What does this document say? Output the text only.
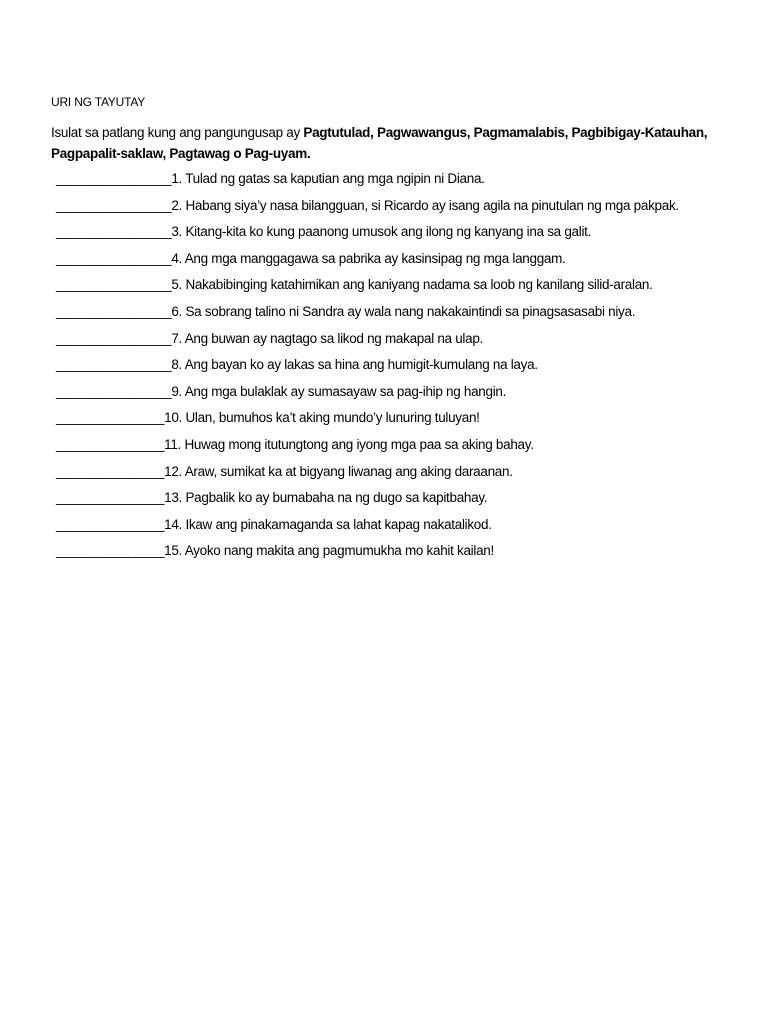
URI NG TAYUTAY
Isulat sa patlang kung ang pangungusap ay Pagtutulad, Pagwawangus, Pagmamalabis, Pagbibigay-Katauhan, Pagpapalit-saklaw, Pagtawag o Pag-uyam.
________________1. Tulad ng gatas sa kaputian ang mga ngipin ni Diana.
________________2. Habang siya’y nasa bilangguan, si Ricardo ay isang agila na pinutulan ng mga pakpak.
________________3. Kitang-kita ko kung paanong umusok ang ilong ng kanyang ina sa galit.
________________4. Ang mga manggagawa sa pabrika ay kasinsipag ng mga langgam.
________________5. Nakabibinging katahimikan ang kaniyang nadama sa loob ng kanilang silid-aralan.
________________6. Sa sobrang talino ni Sandra ay wala nang nakakaintindi sa pinagsasasabi niya.
________________7. Ang buwan ay nagtago sa likod ng makapal na ulap.
________________8. Ang bayan ko ay lakas sa hina ang humigit-kumulang na laya.
________________9. Ang mga bulaklak ay sumasayaw sa pag-ihip ng hangin.
_______________10. Ulan, bumuhos ka’t aking mundo’y lunuring tuluyan!
_______________11. Huwag mong itutungtong ang iyong mga paa sa aking bahay.
_______________12. Araw, sumikat ka at bigyang liwanag ang aking daraanan.
_______________13. Pagbalik ko ay bumabaha na ng dugo sa kapitbahay.
_______________14. Ikaw ang pinakamaganda sa lahat kapag nakatalikod.
_______________15. Ayoko nang makita ang pagmumukha mo kahit kailan!
